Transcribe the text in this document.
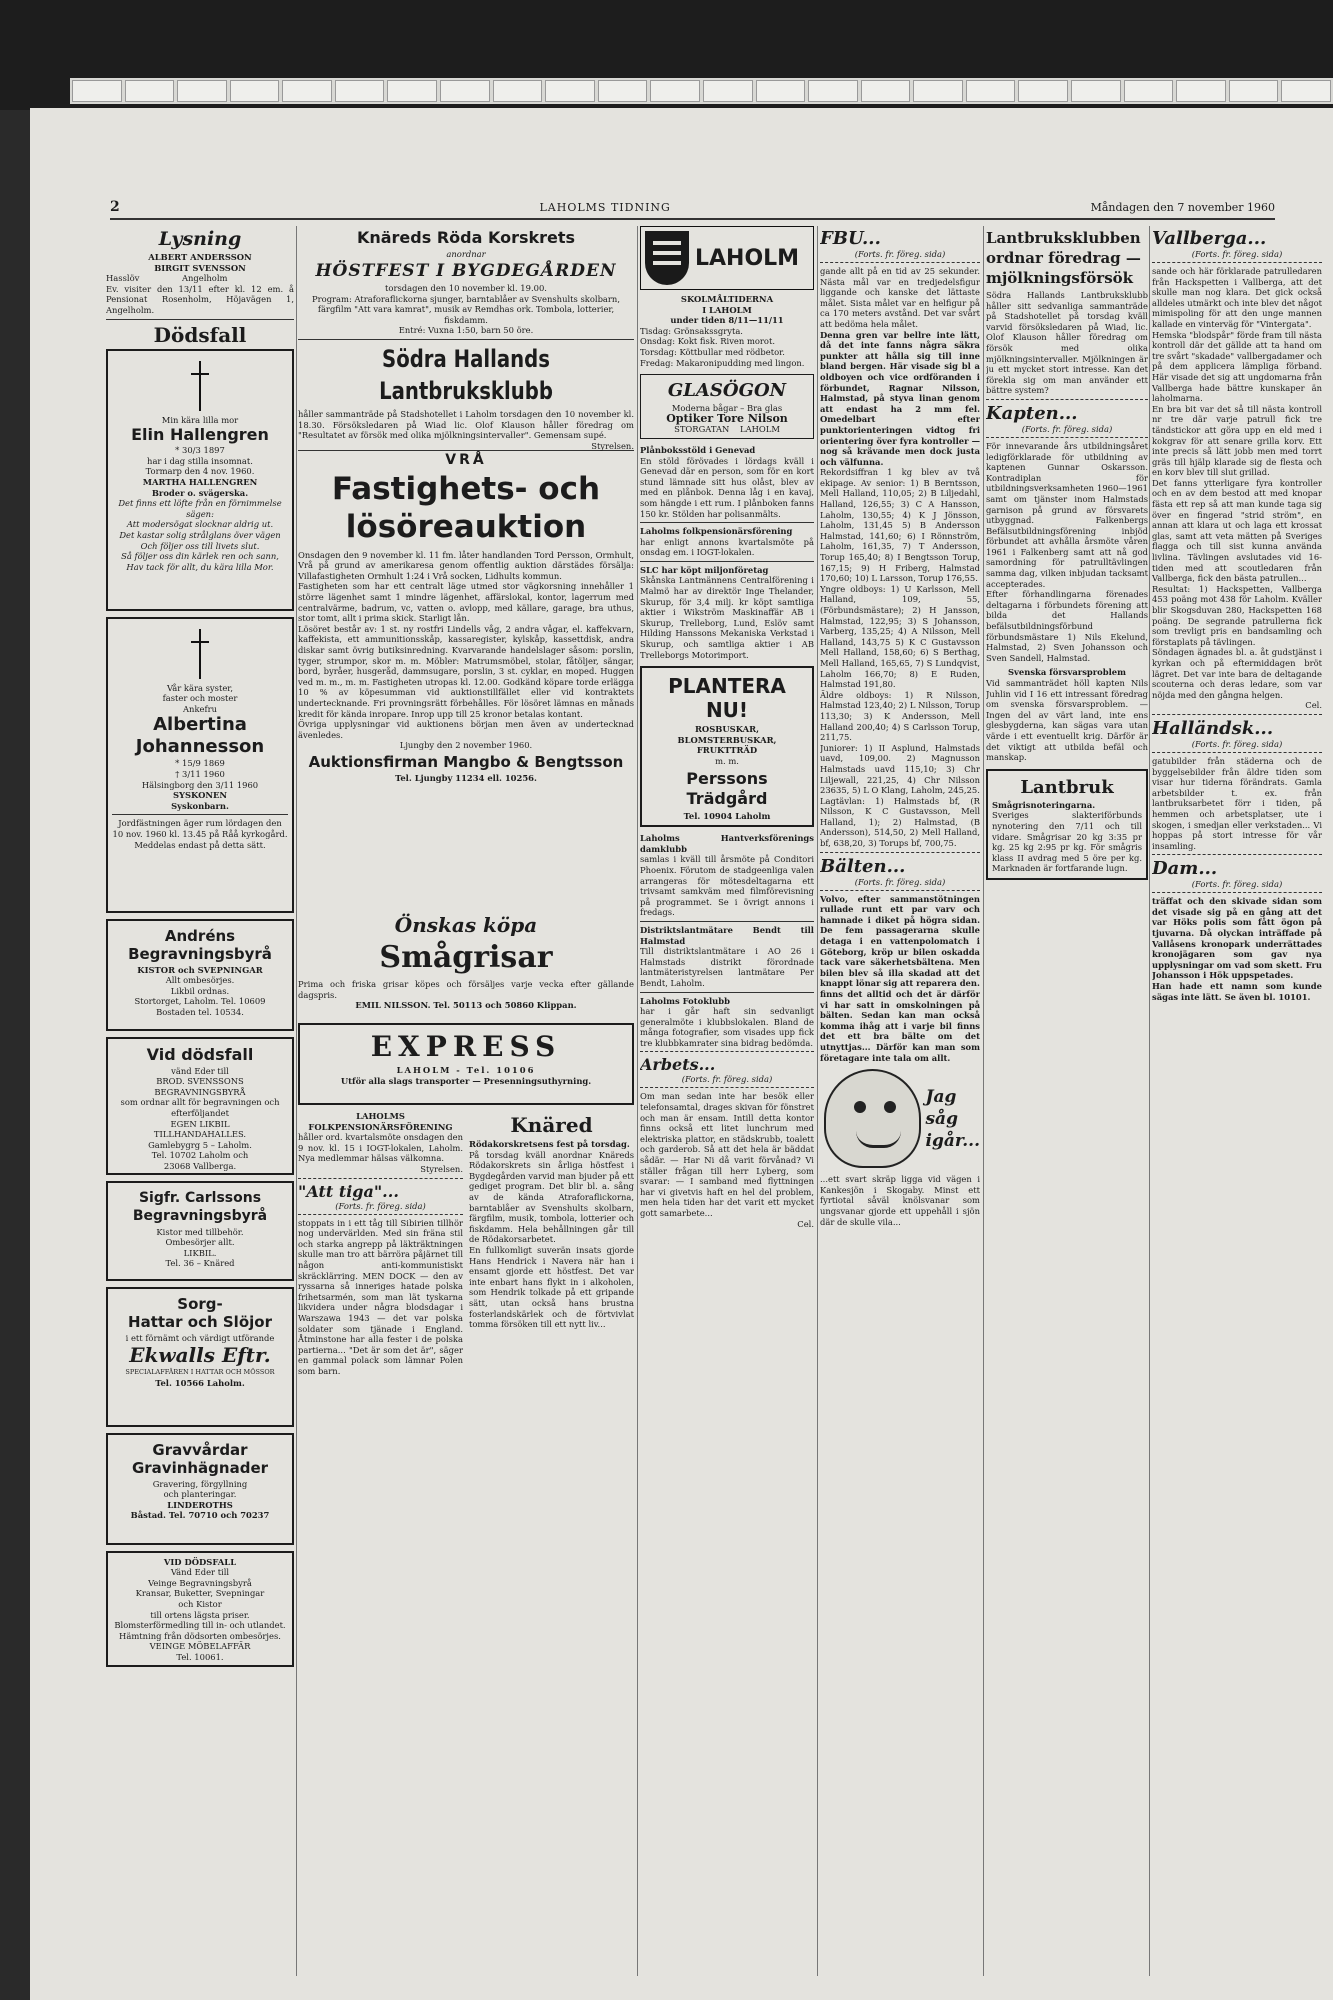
2	LAHOLMS TIDNING	Måndagen den 7 november 1960
Lysning

ALBERT ANDERSSON
BIRGIT SVENSSON

Hasslöv                Angelholm

Ev. visiter den 13/11 efter kl. 12 em. å Pensionat Rosenholm, Höjavägen 1, Angelholm.

Dödsfall

Min kära lilla mor

Elin Hallengren

* 30/3 1897

har i dag stilla insomnat.

Tormarp den 4 nov. 1960.

MARTHA HALLENGREN
Broder o. svägerska.

Det finns ett löfte från en förnimmelse sägen:
Att modersögat slocknar aldrig ut.
Det kastar solig strålglans över vägen
Och följer oss till livets slut.
Så följer oss din kärlek ren och sann,
Hav tack för allt, du kära lilla Mor.

Vår kära syster,
faster och moster

Ankefru

Albertina
Johannesson

* 15/9 1869
† 3/11 1960

Hälsingborg den 3/11 1960

SYSKONEN
Syskonbarn.

Jordfästningen äger rum lördagen den 10 nov. 1960 kl. 13.45 på Råå kyrkogård. Meddelas endast på detta sätt.

Andréns
Begravningsbyrå

KISTOR och SVEPNINGAR

Allt ombesörjes.
Likbil ordnas.
Stortorget, Laholm. Tel. 10609
Bostaden tel. 10534.

Vid dödsfall

vänd Eder till
BROD. SVENSSONS
BEGRAVNINGSBYRÅ
som ordnar allt för begravningen och efterföljandet
EGEN LIKBIL
TILLHANDAHALLES.
Gamlebygrg 5 – Laholm.
Tel. 10702 Laholm och
23068 Vallberga.

Sigfr. Carlssons
Begravningsbyrå

Kistor med tillbehör.
Ombesörjer allt.
LIKBIL.
Tel. 36 – Knäred

Sorg-
Hattar och Slöjor

i ett förnämt och värdigt utförande

Ekwalls Eftr.

SPECIALAFFÄREN I HATTAR OCH MÖSSOR

Tel. 10566 Laholm.

Gravvårdar
Gravinhägnader

Gravering, förgyllning
och planteringar.

LINDEROTHS
Båstad. Tel. 70710 och 70237

VID DÖDSFALL

Vänd Eder till
Veinge Begravningsbyrå
Kransar, Buketter, Svepningar
och Kistor
till ortens lägsta priser.
Blomsterförmedling till in- och utlandet.
Hämtning från dödsorten ombesörjes.
VEINGE MÖBELAFFÄR
Tel. 10061.

Knäreds Röda Korskrets

anordnar

HÖSTFEST I BYGDEGÅRDEN

torsdagen den 10 november kl. 19.00.

Program: Atraforaflickorna sjunger, barntablåer av Svenshults skolbarn, färgfilm "Att vara kamrat", musik av Remdhas ork. Tombola, lotterier, fiskdamm.

Entré: Vuxna 1:50, barn 50 öre.

Södra Hallands Lantbruksklubb

håller sammanträde på Stadshotellet i Laholm torsdagen den 10 november kl. 18.30. Försöksledaren på Wiad lic. Olof Klauson håller föredrag om "Resultatet av försök med olika mjölkningsintervaller". Gemensam supé.

Styrelsen.

VRÅ

Fastighets- och
lösöreauktion

Onsdagen den 9 november kl. 11 fm. låter handlanden Tord Persson, Ormhult, Vrå på grund av amerikaresa genom offentlig auktion därstädes försälja: Villafastigheten Ormhult 1:24 i Vrå socken, Lidhults kommun.

Fastigheten som har ett centralt läge utmed stor vägkorsning innehåller 1 större lägenhet samt 1 mindre lägenhet, affärslokal, kontor, lagerrum med centralvärme, badrum, vc, vatten o. avlopp, med källare, garage, bra uthus, stor tomt, allt i prima skick. Starligt lån.

Lösöret består av: 1 st. ny rostfri Lindells våg, 2 andra vågar, el. kaffekvarn, kaffekista, ett ammunitionsskåp, kassaregister, kylskåp, kassettdisk, andra diskar samt övrig butiksinredning. Kvarvarande handelslager såsom: porslin, tyger, strumpor, skor m. m. Möbler: Matrumsmöbel, stolar, fåtöljer, sängar, bord, byråer, husgeråd, dammsugare, porslin, 3 st. cyklar, en moped. Huggen ved m. m., m. m. Fastigheten utropas kl. 12.00. Godkänd köpare torde erlägga 10 % av köpesumman vid auktionstillfället eller vid kontraktets undertecknande. Fri provningsrätt förbehålles. För lösöret lämnas en månads kredit för kända inropare. Inrop upp till 25 kronor betalas kontant.

Övriga upplysningar vid auktionens början men även av undertecknad ävenledes.

Ljungby den 2 november 1960.

Auktionsfirman Mangbo & Bengtsson

Tel. Ljungby 11234 ell. 10256.

Önskas köpa

Smågrisar

Prima och friska grisar köpes och försäljes varje vecka efter gällande dagspris.

EMIL NILSSON. Tel. 50113 och 50860 Klippan.

EXPRESS

LAHOLM - Tel. 10106

Utför alla slags transporter — Presenningsuthyrning.

LAHOLMS
FOLKPENSIONÄRSFÖRENING

håller ord. kvartalsmöte onsdagen den 9 nov. kl. 15 i IOGT-lokalen, Laholm. Nya medlemmar hälsas välkomna.

Styrelsen.

"Att tiga"...

(Forts. fr. föreg. sida)

stoppats in i ett tåg till Sibirien tillhör nog undervärlden. Med sin fräna stil och starka angrepp på läkträktningen skulle man tro att bärröra påjärnet till någon anti-kommunistiskt skräcklärring. MEN DOCK — den av ryssarna så inneriges hatade polska frihetsarmén, som man lät tyskarna likvidera under några blodsdagar i Warszawa 1943 — det var polska soldater som tjänade i England. Åtminstone har alla fester i de polska partierna... "Det är som det är", säger en gammal polack som lämnar Polen som barn.

Knäred

Rödakorskretsens fest på torsdag.

På torsdag kväll anordnar Knäreds Rödakorskrets sin årliga höstfest i Bygdegården varvid man bjuder på ett gediget program. Det blir bl. a. sång av de kända Atraforaflickorna, barntablåer av Svenshults skolbarn, färgfilm, musik, tombola, lotterier och fiskdamm. Hela behållningen går till de Rödakorsarbetet.

En fullkomligt suverän insats gjorde Hans Hendrick i Navera när han i ensamt gjorde ett höstfest. Det var inte enbart hans flykt in i alkoholen, som Hendrik tolkade på ett gripande sätt, utan också hans brustna fosterlandskärlek och de förtvivlat tomma försöken till ett nytt liv...

LAHOLM

SKOLMÅLTIDERNA
I LAHOLM

under tiden 8/11—11/11

Tisdag: Grönsakssgryta.
Onsdag: Kokt fisk. Riven morot.
Torsdag: Köttbullar med rödbetor.
Fredag: Makaronipudding med lingon.

GLASÖGON

Moderna bågar – Bra glas

Optiker Tore Nilson

STORGATAN    LAHOLM

Plånboksstöld i Genevad

En stöld förövades i lördags kväll i Genevad där en person, som för en kort stund lämnade sitt hus olåst, blev av med en plånbok. Denna låg i en kavaj, som hängde i ett rum. I plånboken fanns 150 kr. Stölden har polisanmälts.

Laholms folkpensionärsförening

har enligt annons kvartalsmöte på onsdag em. i IOGT-lokalen.

SLC har köpt miljonföretag

Skånska Lantmännens Centralförening i Malmö har av direktör Inge Thelander, Skurup, för 3,4 milj. kr köpt samtliga aktier i Wikström Maskinaffär AB i Skurup, Trelleborg, Lund, Eslöv samt Hilding Hanssons Mekaniska Verkstad i Skurup, och samtliga aktier i AB Trelleborgs Motorimport.

PLANTERA NU!

ROSBUSKAR, BLOMSTERBUSKAR, FRUKTTRÄD

m. m.

Perssons
Trädgård

Tel. 10904 Laholm

Laholms Hantverksförenings damklubb

samlas i kväll till årsmöte på Conditori Phoenix. Förutom de stadgeenliga valen arrangeras för mötesdeltagarna ett trivsamt samkväm med filmförevisning på programmet. Se i övrigt annons i fredags.

Distriktslantmätare Bendt till Halmstad

Till distriktslantmätare i AO 26 i Halmstads distrikt förordnade lantmäteristyrelsen lantmätare Per Bendt, Laholm.

Laholms Fotoklubb

har i går haft sin sedvanligt generalmöte i klubbslokalen. Bland de många fotografier, som visades upp fick tre klubbkamrater sina bidrag bedömda.

Arbets...

(Forts. fr. föreg. sida)

Om man sedan inte har besök eller telefonsamtal, drages skivan för fönstret och man är ensam. Intill detta kontor finns också ett litet lunchrum med elektriska plattor, en städskrubb, toalett och garderob. Så att det hela är bäddat sådär. — Har Ni då varit förvånad? Vi ställer frågan till herr Lyberg, som svarar: — I samband med flyttningen har vi givetvis haft en hel del problem, men hela tiden har det varit ett mycket gott samarbete...

Cel.

FBU...

(Forts. fr. föreg. sida)

gande allt på en tid av 25 sekunder. Nästa mål var en tredjedelsfigur liggande och kanske det lättaste målet. Sista målet var en helfigur på ca 170 meters avstånd. Det var svårt att bedöma hela målet.

Denna gren var bellre inte lätt, då det inte fanns några säkra punkter att hålla sig till inne bland bergen. Här visade sig bl a oldboyen och vice ordföranden i förbundet, Ragnar Nilsson, Halmstad, på styva linan genom att endast ha 2 mm fel. Omedelbart efter punktorienteringen vidtog fri orientering över fyra kontroller — nog så krävande men dock justa och välfunna.

Rekordsiffran 1 kg blev av två ekipage. Av senior: 1) B Berntsson, Mell Halland, 110,05; 2) B Liljedahl, Halland, 126,55; 3) C A Hansson, Laholm, 130,55; 4) K J Jönsson, Laholm, 131,45 5) B Andersson Halmstad, 141,60; 6) I Rönnström, Laholm, 161,35, 7) T Andersson, Torup 165,40; 8) I Bengtsson Torup, 167,15; 9) H Friberg, Halmstad 170,60; 10) L Larsson, Torup 176,55.

Yngre oldboys: 1) U Karlsson, Mell Halland, 109, 55, (Förbundsmästare); 2) H Jansson, Halmstad, 122,95; 3) S Johansson, Varberg, 135,25; 4) A Nilsson, Mell Halland, 143,75 5) K C Gustavsson Mell Halland, 158,60; 6) S Berthag, Mell Halland, 165,65, 7) S Lundqvist, Laholm 166,70; 8) E Ruden, Halmstad 191,80.

Äldre oldboys: 1) R Nilsson, Halmstad 123,40; 2) L Nilsson, Torup 113,30; 3) K Andersson, Mell Halland 200,40; 4) S Carlsson Torup, 211,75.

Juniorer: 1) II Asplund, Halmstads uavd, 109,00. 2) Magnusson Halmstads uavd 115,10; 3) Chr Liljewall, 221,25, 4) Chr Nilsson 23635, 5) L O Klang, Laholm, 245,25.

Lagtävlan: 1) Halmstads bf, (R Nilsson, K C Gustavsson, Mell Halland, 1); 2) Halmstad, (B Andersson), 514,50, 2) Mell Halland, bf, 638,20, 3) Torups bf, 700,75.

Bälten...

(Forts. fr. föreg. sida)

Volvo, efter sammanstötningen rullade runt ett par varv och hamnade i diket på högra sidan. De fem passagerarna skulle detaga i en vattenpolomatch i Göteborg, kröp ur bilen oskadda tack vare säkerhetsbältena. Men bilen blev så illa skadad att det knappt lönar sig att reparera den.

finns det alltid och det är därför vi har satt in omskolningen på bälten. Sedan kan man också komma ihåg att i varje bil finns det ett bra bälte om det utnyttjas... Därför kan man som företagare inte tala om allt.

Jag
såg
igår...

...ett svart skräp ligga vid vägen i Kankesjön i Skogaby. Minst ett fyrtiotal såväl knölsvanar som ungsvanar gjorde ett uppehåll i sjön där de skulle vila...

Lantbruksklubben
ordnar föredrag —
mjölkningsförsök

Södra Hallands Lantbruksklubb håller sitt sedvanliga sammanträde på Stadshotellet på torsdag kväll varvid försöksledaren på Wiad, lic. Olof Klauson håller föredrag om försök med olika mjölkningsintervaller. Mjölkningen är ju ett mycket stort intresse. Kan det förekla sig om man använder ett bättre system?

Kapten...

(Forts. fr. föreg. sida)

För innevarande års utbildningsåret ledigförklarade för utbildning av kaptenen Gunnar Oskarsson. Kontradiplan för utbildningsverksamheten 1960—1961 samt om tjänster inom Halmstads garnison på grund av försvarets utbyggnad. Falkenbergs Befälsutbildningsförening inbjöd förbundet att avhålla årsmöte våren 1961 i Falkenberg samt att nå god samordning för patrulltävlingen samma dag, vilken inbjudan tacksamt accepterades.

Efter förhandlingarna förenades deltagarna i förbundets förening att bilda det Hallands befälsutbildningsförbund förbundsmästare 1) Nils Ekelund, Halmstad, 2) Sven Johansson och Sven Sandell, Halmstad.

Svenska försvarsproblem

Vid sammanträdet höll kapten Nils Juhlin vid I 16 ett intressant föredrag om svenska försvarsproblem. — Ingen del av värt land, inte ens glesbygderna, kan sägas vara utan värde i ett eventuellt krig. Därför är det viktigt att utbilda befäl och manskap.

Lantbruk

Smågrisnoteringarna.

Sveriges slakteriförbunds nynotering den 7/11 och till vidare. Smågrisar 20 kg 3:35 pr kg. 25 kg 2:95 pr kg. För smågris klass II avdrag med 5 öre per kg. Marknaden är fortfarande lugn.

Vallberga...

(Forts. fr. föreg. sida)

sande och här förklarade patrulledaren från Hackspetten i Vallberga, att det skulle man nog klara. Det gick också alldeles utmärkt och inte blev det något mimispoling för att den unge mannen kallade en vinterväg för "Vintergata".

Hemska "blodspår" förde fram till nästa kontroll där det gällde att ta hand om tre svårt "skadade" vallbergadamer och på dem applicera lämpliga förband. Här visade det sig att ungdomarna från Vallberga hade bättre kunskaper än laholmarna.

En bra bit var det så till nästa kontroll nr tre där varje patrull fick tre tändstickor att göra upp en eld med i kokgrav för att senare grilla korv. Ett inte precis så lätt jobb men med torrt gräs till hjälp klarade sig de flesta och en korv blev till slut grillad.

Det fanns ytterligare fyra kontroller och en av dem bestod att med knopar fästa ett rep så att man kunde taga sig över en fingerad "strid ström", en annan att klara ut och laga ett krossat glas, samt att veta mätten på Sveriges flagga och till sist kunna använda livlina. Tävlingen avslutades vid 16-tiden med att scoutledaren från Vallberga, fick den bästa patrullen...

Resultat: 1) Hackspetten, Vallberga 453 poäng mot 438 för Laholm. Kväller blir Skogsduvan 280, Hackspetten 168 poäng. De segrande patrullerna fick som trevligt pris en bandsamling och förstaplats på tävlingen.

Söndagen ägnades bl. a. åt gudstjänst i kyrkan och på eftermiddagen bröt lägret. Det var inte bara de deltagande scouterna och deras ledare, som var nöjda med den gångna helgen.

Cel.

Halländsk...

(Forts. fr. föreg. sida)

gatubilder från städerna och de byggelsebilder från äldre tiden som visar hur tiderna förändrats. Gamla arbetsbilder t. ex. från lantbruksarbetet förr i tiden, på hemmen och arbetsplatser, ute i skogen, i smedjan eller verkstaden... Vi hoppas på stort intresse för vår insamling.

Dam...

(Forts. fr. föreg. sida)

träffat och den skivade sidan som det visade sig på en gång att det var Höks polis som fått ögon på tjuvarna. Då olyckan inträffade på Vallåsens kronopark underrättades kronojägaren som gav nya upplysningar om vad som skett. Fru Johansson i Hök uppspetades.

Han hade ett namn som kunde sägas inte lätt. Se även bl. 10101.
